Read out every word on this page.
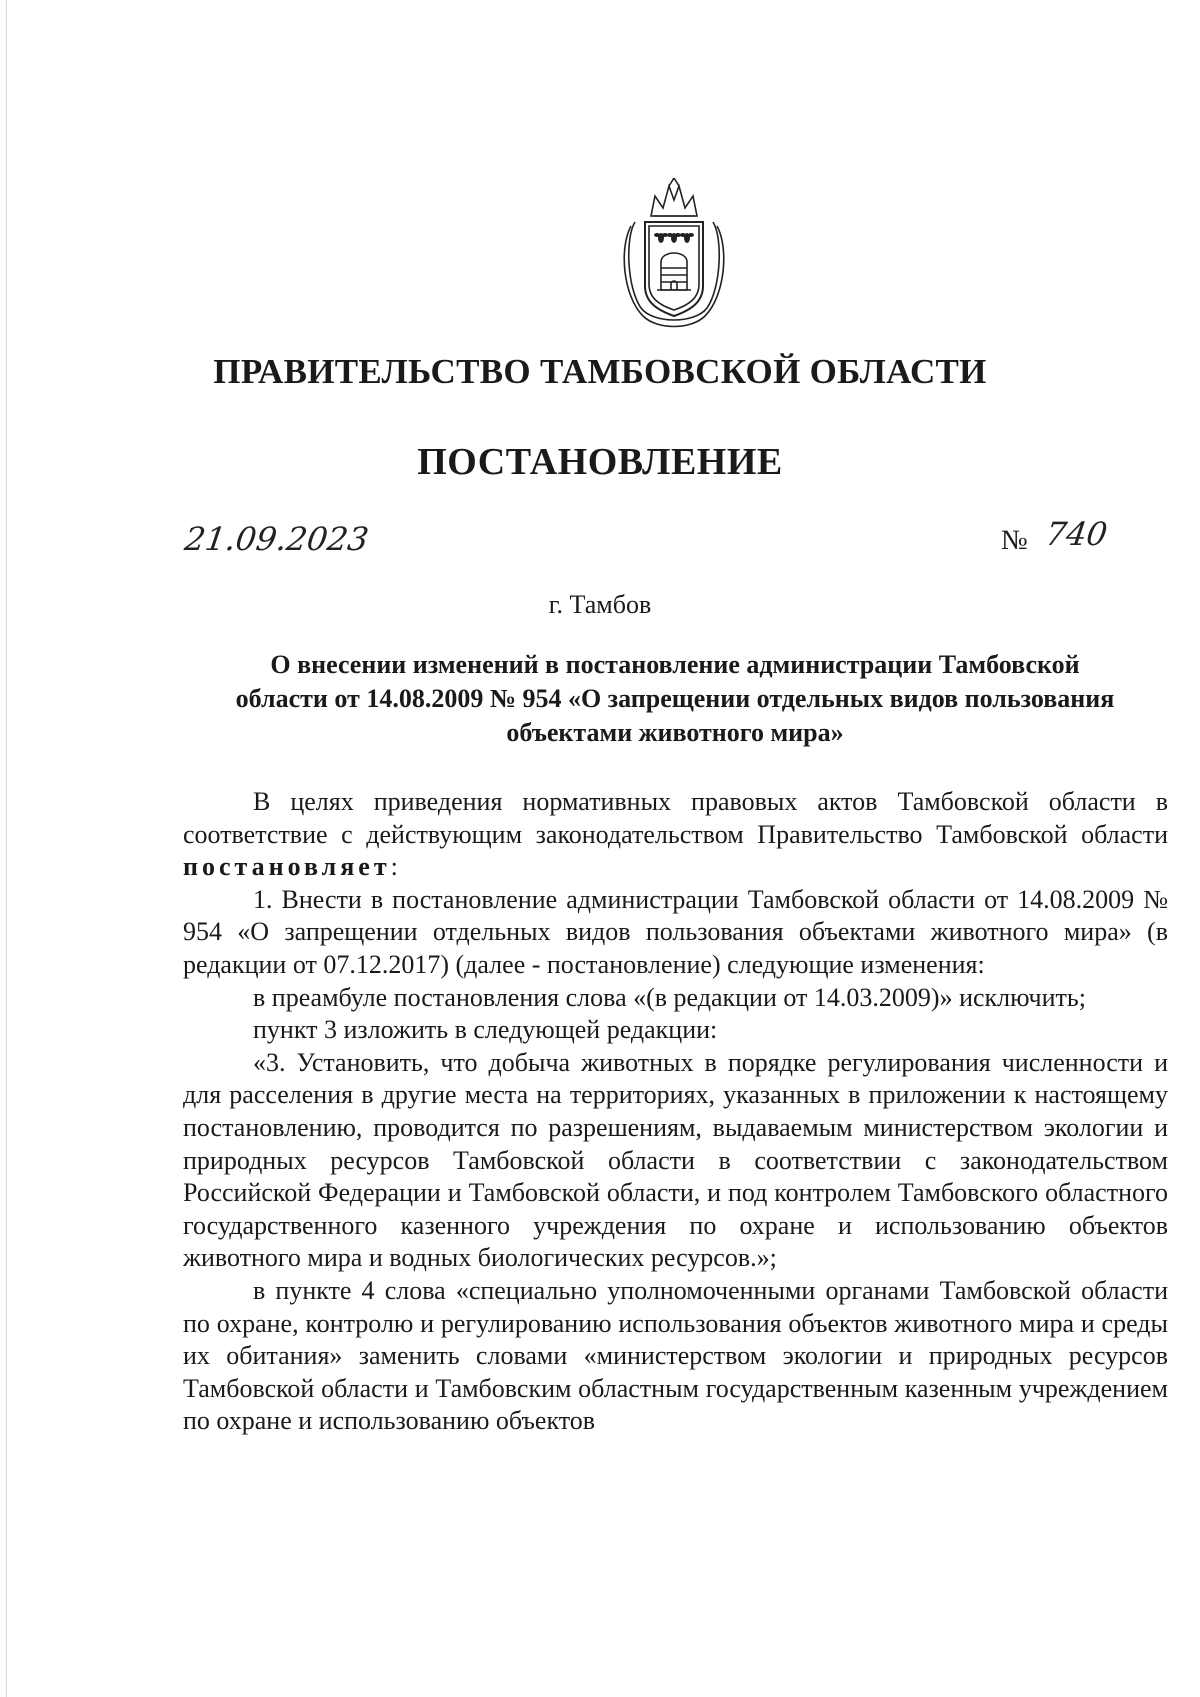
ПРАВИТЕЛЬСТВО ТАМБОВСКОЙ ОБЛАСТИ
ПОСТАНОВЛЕНИЕ
21.09.2023	№ 740
г. Тамбов
О внесении изменений в постановление администрации Тамбовской
области от 14.08.2009 № 954 «О запрещении отдельных видов пользования
объектами животного мира»

В целях приведения нормативных правовых актов Тамбовской области в соответствие с действующим законодательством Правительство Тамбовской области постановляет:

1. Внести в постановление администрации Тамбовской области от 14.08.2009 № 954 «О запрещении отдельных видов пользования объектами животного мира» (в редакции от 07.12.2017) (далее - постановление) следующие изменения:

в преамбуле постановления слова «(в редакции от 14.03.2009)» исключить;

пункт 3 изложить в следующей редакции:

«3. Установить, что добыча животных в порядке регулирования численности и для расселения в другие места на территориях, указанных в приложении к настоящему постановлению, проводится по разрешениям, выдаваемым министерством экологии и природных ресурсов Тамбовской области в соответствии с законодательством Российской Федерации и Тамбовской области, и под контролем Тамбовского областного государственного казенного учреждения по охране и использованию объектов животного мира и водных биологических ресурсов.»;

в пункте 4 слова «специально уполномоченными органами Тамбовской области по охране, контролю и регулированию использования объектов животного мира и среды их обитания» заменить словами «министерством экологии и природных ресурсов Тамбовской области и Тамбовским областным государственным казенным учреждением по охране и использованию объектов
